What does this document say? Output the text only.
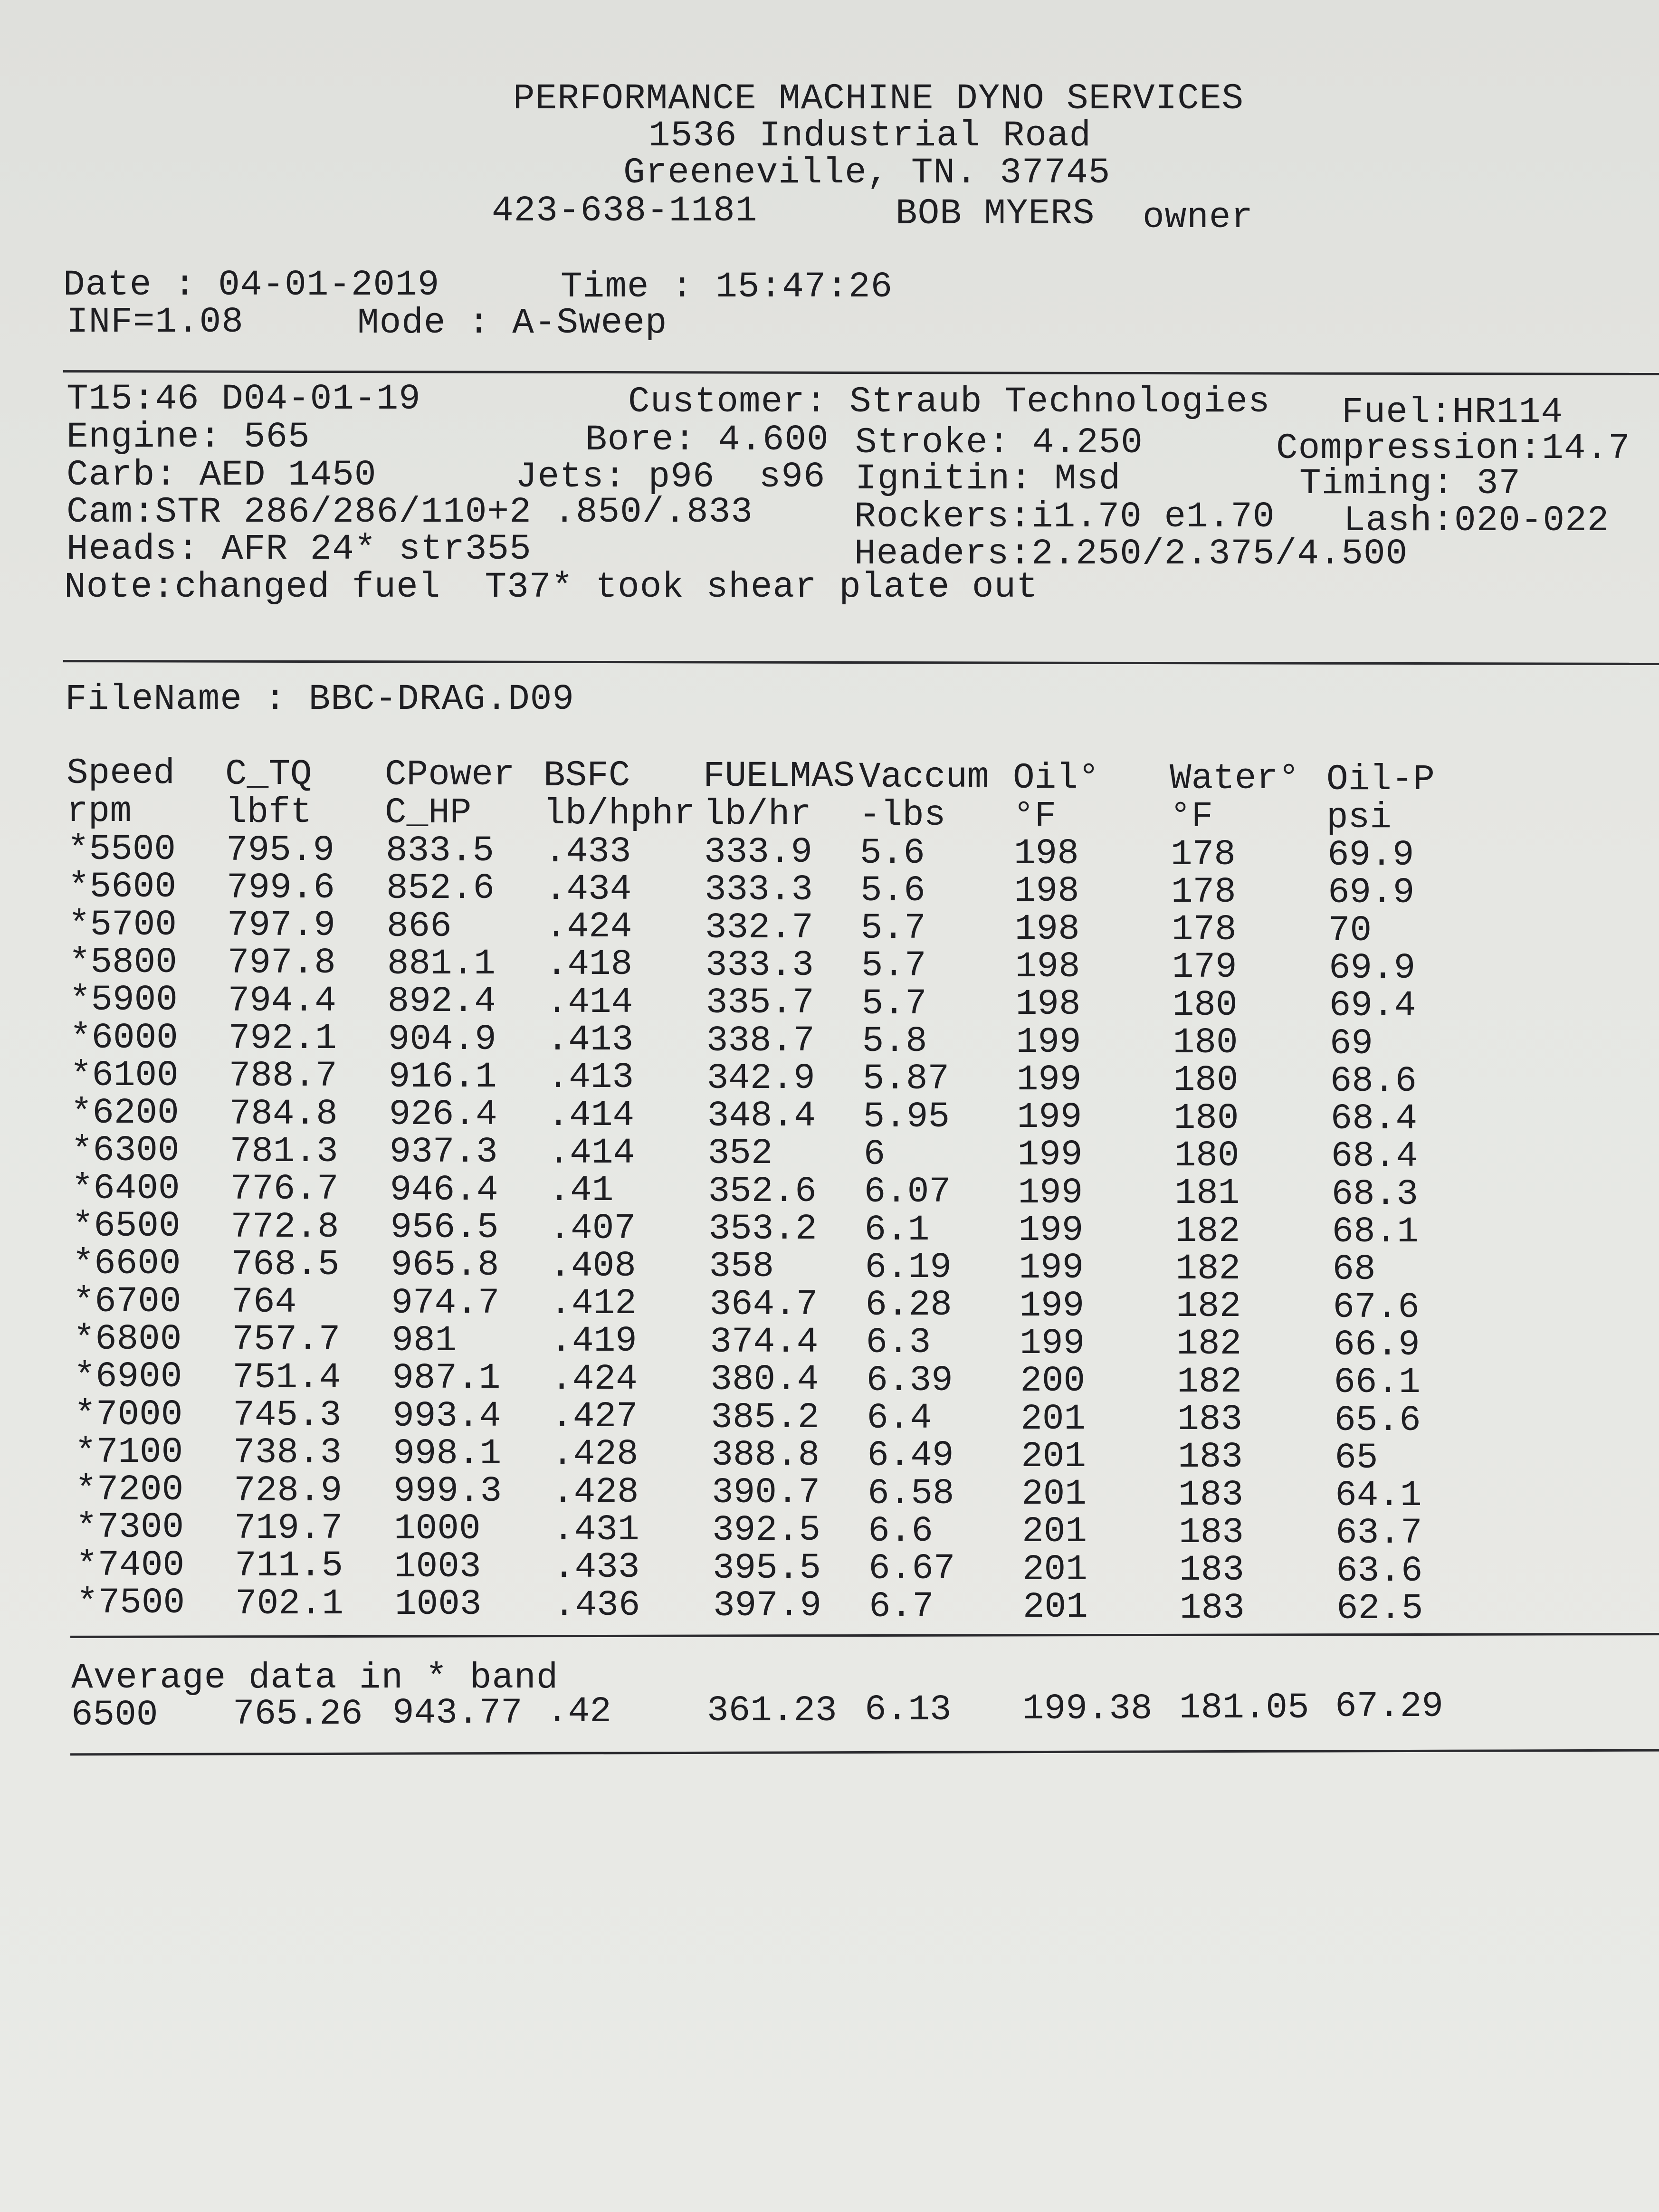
PERFORMANCE MACHINE DYNO SERVICES
1536 Industrial Road
Greeneville, TN. 37745
423-638-1181	BOB MYERS owner
Date : 04-01-2019	Time : 15:47:26
INF=1.08	Mode : A-Sweep
T15:46 D04-01-19	Customer: Straub Technologies Fuel:HR114
Engine: 565	Bore: 4.600 Stroke: 4.250	Compression:14.7
Carb: AED 1450	Jets: p96  s96 Ignitin: Msd	Timing: 37
Cam:STR 286/286/110+2 .850/.833	Rockers:i1.70 e1.70 Lash:020-022
Heads: AFR 24* str355	Headers:2.250/2.375/4.500
Note:changed fuel  T37* took shear plate out
FileName : BBC-DRAG.D09
Speed C_TQ CPower BSFC FUELMAS Vaccum Oil° Water° Oil-P
rpm	lbft C_HP lb/hphr lb/hr -lbs °F	°F	psi
*5500 795.9 833.5 .433 333.9 5.6 198	178	69.9
*5600 799.6 852.6 .434 333.3 5.6 198	178	69.9
*5700 797.9 866	.424 332.7 5.7 198	178	70
*5800 797.8 881.1 .418 333.3 5.7 198	179	69.9
*5900 794.4 892.4 .414 335.7 5.7 198	180	69.4
*6000 792.1 904.9 .413 338.7 5.8 199	180	69
*6100 788.7 916.1 .413 342.9 5.87 199	180	68.6
*6200 784.8 926.4 .414 348.4 5.95 199	180	68.4
*6300 781.3 937.3 .414 352	6	199	180	68.4
*6400 776.7 946.4 .41	352.6 6.07 199	181	68.3
*6500 772.8 956.5 .407 353.2 6.1 199	182	68.1
*6600 768.5 965.8 .408 358	6.19 199	182	68
*6700 764	974.7 .412 364.7 6.28 199	182	67.6
*6800 757.7 981	.419 374.4 6.3 199	182	66.9
*6900 751.4 987.1 .424 380.4 6.39 200	182	66.1
*7000 745.3 993.4 .427 385.2 6.4 201	183	65.6
*7100 738.3 998.1 .428 388.8 6.49 201	183	65
*7200 728.9 999.3 .428 390.7 6.58 201	183	64.1
*7300 719.7 1000 .431 392.5 6.6 201	183	63.7
*7400 711.5 1003 .433 395.5 6.67 201	183	63.6
*7500 702.1 1003 .436 397.9 6.7 201	183	62.5
Average data in * band
6500 765.26 943.77 .42	361.23 6.13 199.38 181.05 67.29
